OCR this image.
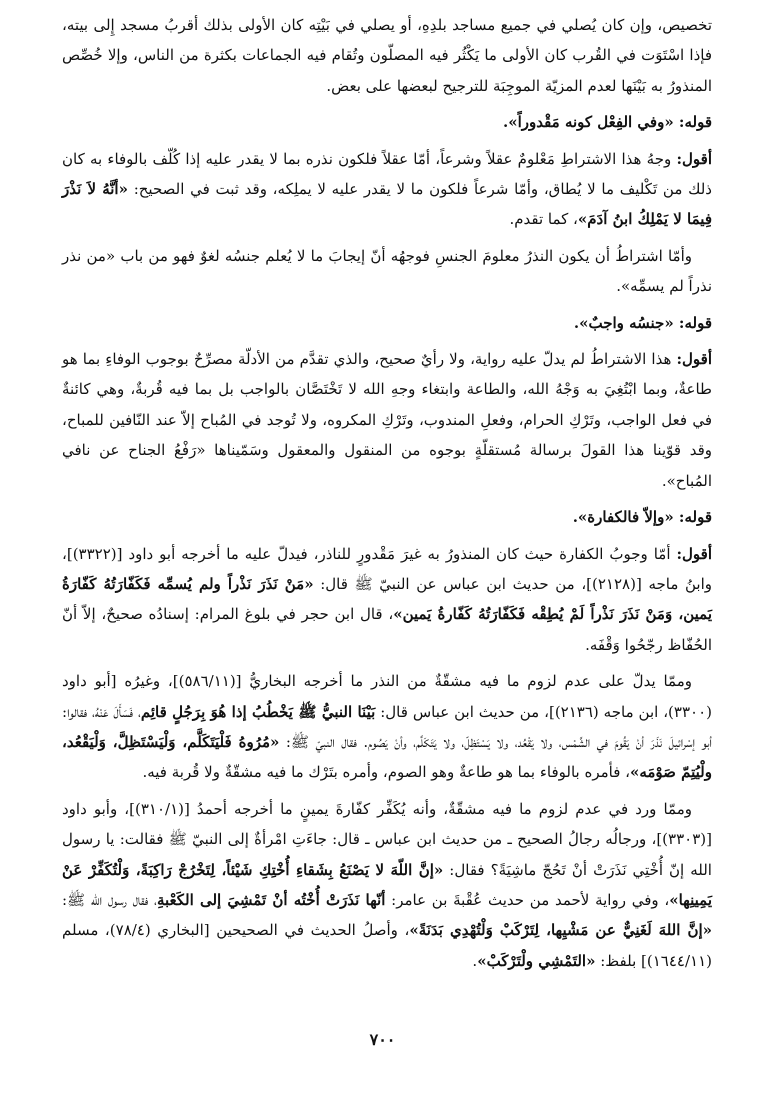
تخصيص، وإن كان يُصلي في جميع مساجد بلدِهِ، أو يصلي في بَيْتِه كان الأولى بذلك أقربُ مسجد إِلى بيته، فإذا اسْتَوَت في القُرب كان الأولى ما يَكْثُر فيه المصلّون وتُقام فيه الجماعات بكثرة من الناس، وإلا خُصِّص المنذورُ به بَيْنَها لعدم المزيّة الموجِبَة للترجيح لبعضها على بعض.

قوله: «وفي الفِعْل كونه مَقْدوراً».

أقول: وجهُ هذا الاشتراطِ مَعْلومٌ عقلاً وشرعاً، أمّا عقلاً فلكون نذره بما لا يقدر عليه إذا كُلّف بالوفاء به كان ذلك من تَكْليف ما لا يُطاق، وأمّا شرعاً فلكون ما لا يقدر عليه لا يملِكه، وقد ثبت في الصحيح: «أنَّهُ لاَ نَذْرَ فِيمَا لا يَمْلِكُ ابنُ آدَمَ»، كما تقدم.

وأمّا اشتراطُ أن يكون النذرُ معلومَ الجنسِ فوجهُه أنّ إيجابَ ما لا يُعلم جنسُه لغوٌ فهو من باب «من نذر نذراً لم يسمِّه».

قوله: «جنسُه واجبٌ».

أقول: هذا الاشتراطُ لم يدلّ عليه رواية، ولا رأيٌ صحيح، والذي تقدَّم من الأدلّة مصرِّحٌ بوجوب الوفاءِ بما هو طاعةٌ، وبما ابْتُغِيَ به وَجْهُ الله، والطاعة وابتغاء وجهِ الله لا تَخْتَصَّان بالواجب بل بما فيه قُربةٌ، وهي كائنةٌ في فعل الواجب، وتَرْكِ الحرام، وفعلِ المندوب، وتَرْكِ المكروه، ولا تُوجد في المُباح إلاّ عند النّافين للمباح، وقد قوّينا هذا القولَ برسالة مُستقلّةٍ بوجوه من المنقول والمعقول وسَمّيناها «رَفْعُ الجناح عن نافي المُباح».

قوله: «وإلاّ فالكفارة».

أقول: أمّا وجوبُ الكفارة حيث كان المنذورُ به غيرَ مَقْدورٍ للناذر، فيدلّ عليه ما أخرجه أبو داود [(٣٣٢٢)]، وابنُ ماجه [(٢١٢٨)]، من حديث ابن عباس عن النبيّ ﷺ قال: «مَنْ نَذَرَ نَذْراً ولم يُسمِّه فَكَفّارَتُهُ كَفّارَةُ يَمين، وَمَنْ نَذَرَ نَذْراً لَمْ يُطِقْه فَكَفّارَتُهُ كَفّارةُ يَمين»، قال ابن حجر في بلوغ المرام: إسنادُه صحيحٌ، إلاّ أنّ الحُفّاظ رجّحُوا وَقْفَه.

وممّا يدلّ على عدم لزوم ما فيه مشقّةٌ من النذر ما أخرجه البخاريُّ [(٥٨٦/١١)]، وغيرُه [أبو داود (٣٣٠٠)، ابن ماجه (٢١٣٦)]، من حديث ابن عباس قال: بَيْنَا النبيُّ ﷺ يَخْطُبُ إذا هُوَ بِرَجُلٍ قائِم، فَسَأَلَ عَنْهُ، فقالوا: أبو إسْرائيلَ نَذَرَ أنْ يَقُومَ في الشَّمْس، ولا يَقْعُد، ولا يَسْتَظِلّ، ولا يَتَكَلَّم، وأنْ يَصُوم. فقال النبيّ ﷺ: «مُرُوهُ فَلْيَتَكَلَّم، وَلْيَسْتَظِلَّ، وَلْيَقْعُد، ولْيُتِمّ صَوْمَه»، فأمره بالوفاء بما هو طاعةٌ وهو الصوم، وأمره بتَرْك ما فيه مشقّةٌ ولا قُربة فيه.

وممّا ورد في عدم لزوم ما فيه مشقّةٌ، وأنه يُكَفِّر كفّارةَ يمينٍ ما أخرجه أحمدُ [(٣١٠/١)]، وأبو داود [(٣٣٠٣)]، ورجالُه رجالُ الصحيح ـ من حديث ابن عباس ـ قال: جاءَتِ امْرأةٌ إلى النبيّ ﷺ فقالت: يا رسول الله إنّ أُخْتِي نَذَرَتْ أنْ تَحُجّ ماشِيَةً؟ فقال: «إنَّ اللّهَ لا يَصْنَعُ بِشَقاءِ أُخْتِكِ شَيْئاً، لِتَخْرُجْ رَاكِبَةً، وَلْتُكَفِّرْ عَنْ يَمِينِها»، وفي رواية لأحمد من حديث عُقْبةَ بن عامر: أنّها نَذَرَتْ أُخْتُه أنْ تَمْشِيَ إلى الكَعْبةِ، فقال رسول الله ﷺ: «إنَّ اللهَ لَغَنِيٌّ عن مَشْيِها، لِتَرْكَبْ وَلْتُهْدِي بَدَنَةً»، وأصلُ الحديث في الصحيحين [البخاري (٧٨/٤)، مسلم (١٦٤٤/١١)] بلفظ: «التَمْشِي ولْتَرْكَبْ».

٧٠٠
